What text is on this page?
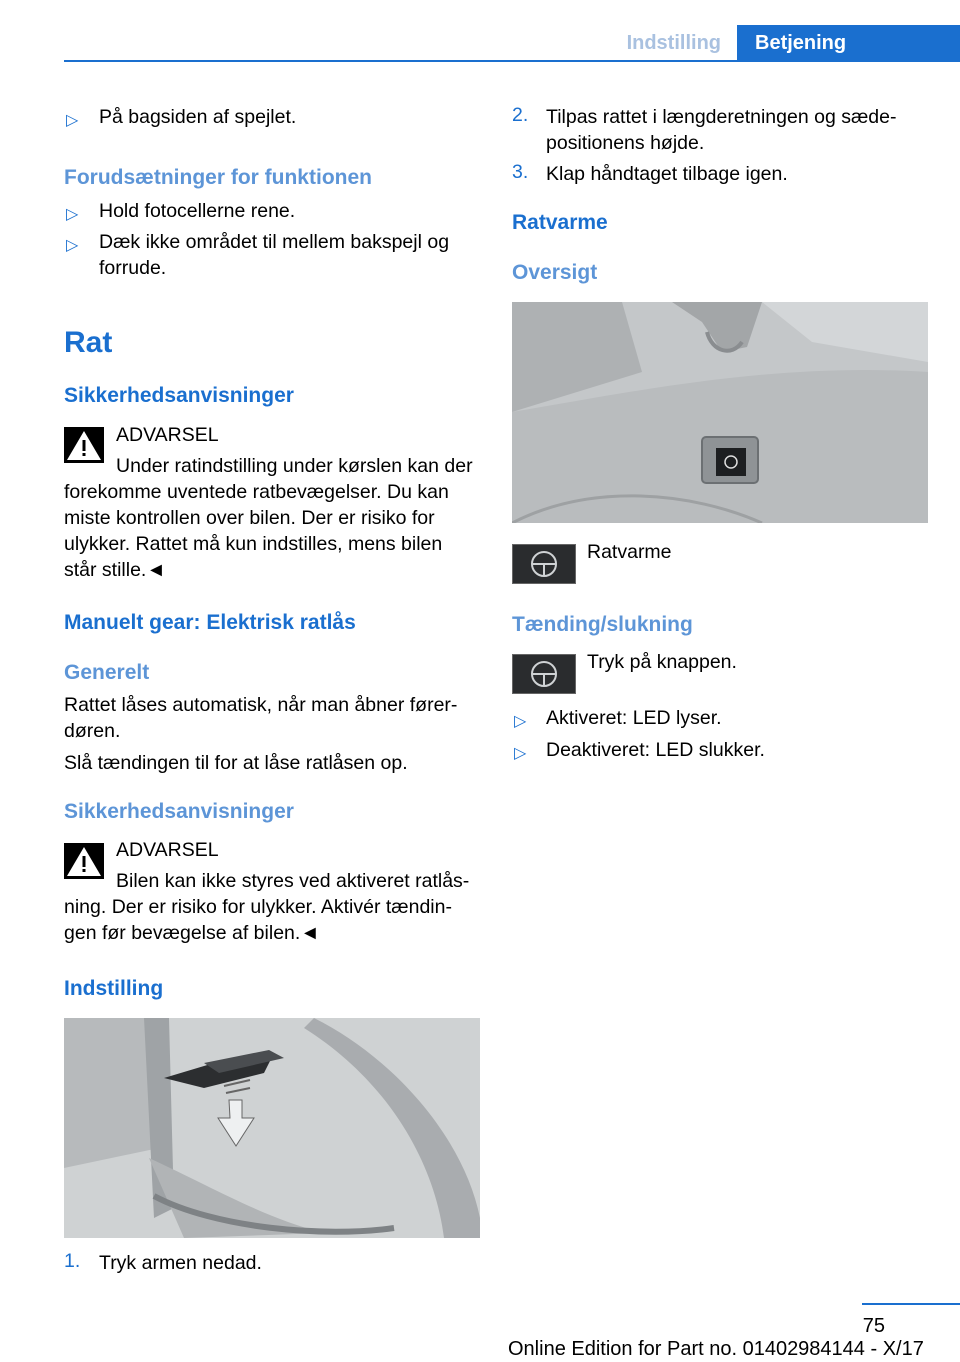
Indstilling	Betjening
▷ På bagsiden af spejlet.
Forudsætninger for funktionen
▷ Hold fotocellerne rene.
▷ Dæk ikke området til mellem bakspejl og
forrude.
Rat
Sikkerhedsanvisninger
ADVARSEL
Under ratindstilling under kørslen kan der
forekomme uventede ratbevægelser. Du kan
miste kontrollen over bilen. Der er risiko for
ulykker. Rattet må kun indstilles, mens bilen
står stille.◄
Manuelt gear: Elektrisk ratlås
Generelt
Rattet låses automatisk, når man åbner fører-
døren.
Slå tændingen til for at låse ratlåsen op.
Sikkerhedsanvisninger
ADVARSEL
Bilen kan ikke styres ved aktiveret ratlås-
ning. Der er risiko for ulykker. Aktivér tændin-
gen før bevægelse af bilen.◄
Indstilling
1. Tryk armen nedad.
2. Tilpas rattet i længderetningen og sæde-
positionens højde.
3. Klap håndtaget tilbage igen.
Ratvarme
Oversigt
Ratvarme
Tænding/slukning
Tryk på knappen.
▷ Aktiveret: LED lyser.
▷ Deaktiveret: LED slukker.
75
Online Edition for Part no. 01402984144 - X/17
